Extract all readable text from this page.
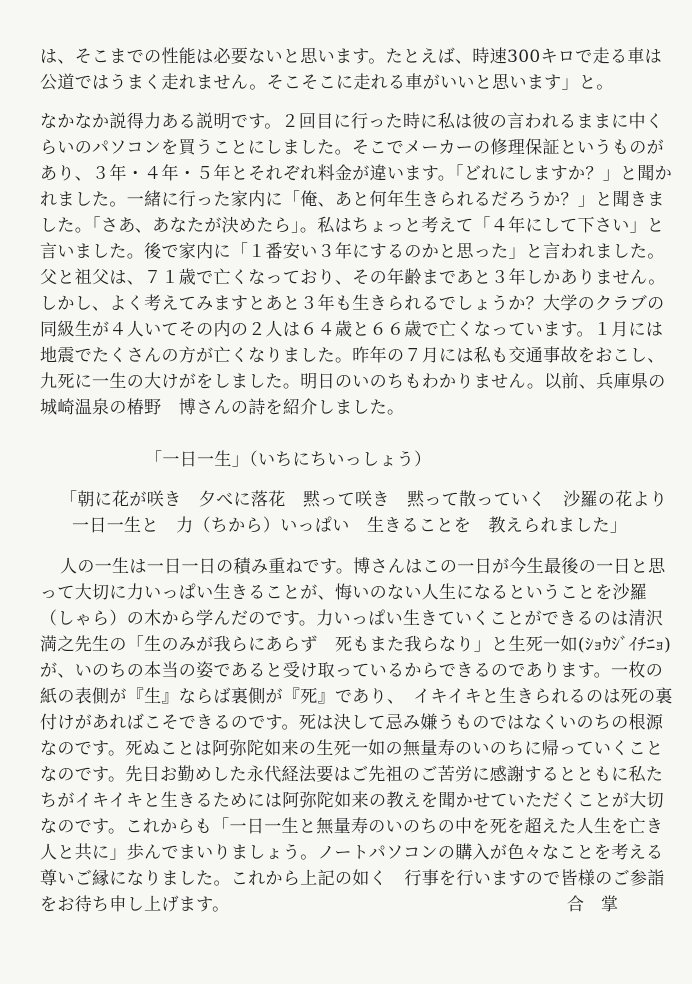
は、そこまでの性能は必要ないと思います。たとえば、時速300キロで走る車は
公道ではうまく走れません。そこそこに走れる車がいいと思います」と。
なかなか説得力ある説明です。２回目に行った時に私は彼の言われるままに中く
らいのパソコンを買うことにしました。そこでメーカーの修理保証というものが
あり、３年・４年・５年とそれぞれ料金が違います。「どれにしますか？」と聞か
れました。一緒に行った家内に「俺、あと何年生きられるだろうか？」と聞きま
した。「さあ、あなたが決めたら」。私はちょっと考えて「４年にして下さい」と
言いました。後で家内に「１番安い３年にするのかと思った」と言われました。
父と祖父は、７１歳で亡くなっており、その年齢まであと３年しかありません。
しかし、よく考えてみますとあと３年も生きられるでしょうか？大学のクラブの
同級生が４人いてその内の２人は６４歳と６６歳で亡くなっています。１月には
地震でたくさんの方が亡くなりました。昨年の７月には私も交通事故をおこし、
九死に一生の大けがをしました。明日のいのちもわかりません。以前、兵庫県の
城崎温泉の椿野　博さんの詩を紹介しました。
「一日一生」（いちにちいっしょう）
「朝に花が咲き　夕べに落花　黙って咲き　黙って散っていく　沙羅の花より
一日一生と　力（ちから）いっぱい　生きることを　教えられました」
人の一生は一日一日の積み重ねです。博さんはこの一日が今生最後の一日と思
って大切に力いっぱい生きることが、悔いのない人生になるということを沙羅
（しゃら）の木から学んだのです。力いっぱい生きていくことができるのは清沢
満之先生の「生のみが我らにあらず　死もまた我らなり」と生死一如(ｼｮｳｼﾞｲﾁﾆｮ)
が、いのちの本当の姿であると受け取っているからできるのであります。一枚の
紙の表側が『生』ならば裏側が『死』であり、　イキイキと生きられるのは死の裏
付けがあればこそできるのです。死は決して忌み嫌うものではなくいのちの根源
なのです。死ぬことは阿弥陀如来の生死一如の無量寿のいのちに帰っていくこと
なのです。先日お勤めした永代経法要はご先祖のご苦労に感謝するとともに私た
ちがイキイキと生きるためには阿弥陀如来の教えを聞かせていただくことが大切
なのです。これからも「一日一生と無量寿のいのちの中を死を超えた人生を亡き
人と共に」歩んでまいりましょう。ノートパソコンの購入が色々なことを考える
尊いご縁になりました。これから上記の如く　行事を行いますので皆様のご参詣
をお待ち申し上げます。	合　掌
